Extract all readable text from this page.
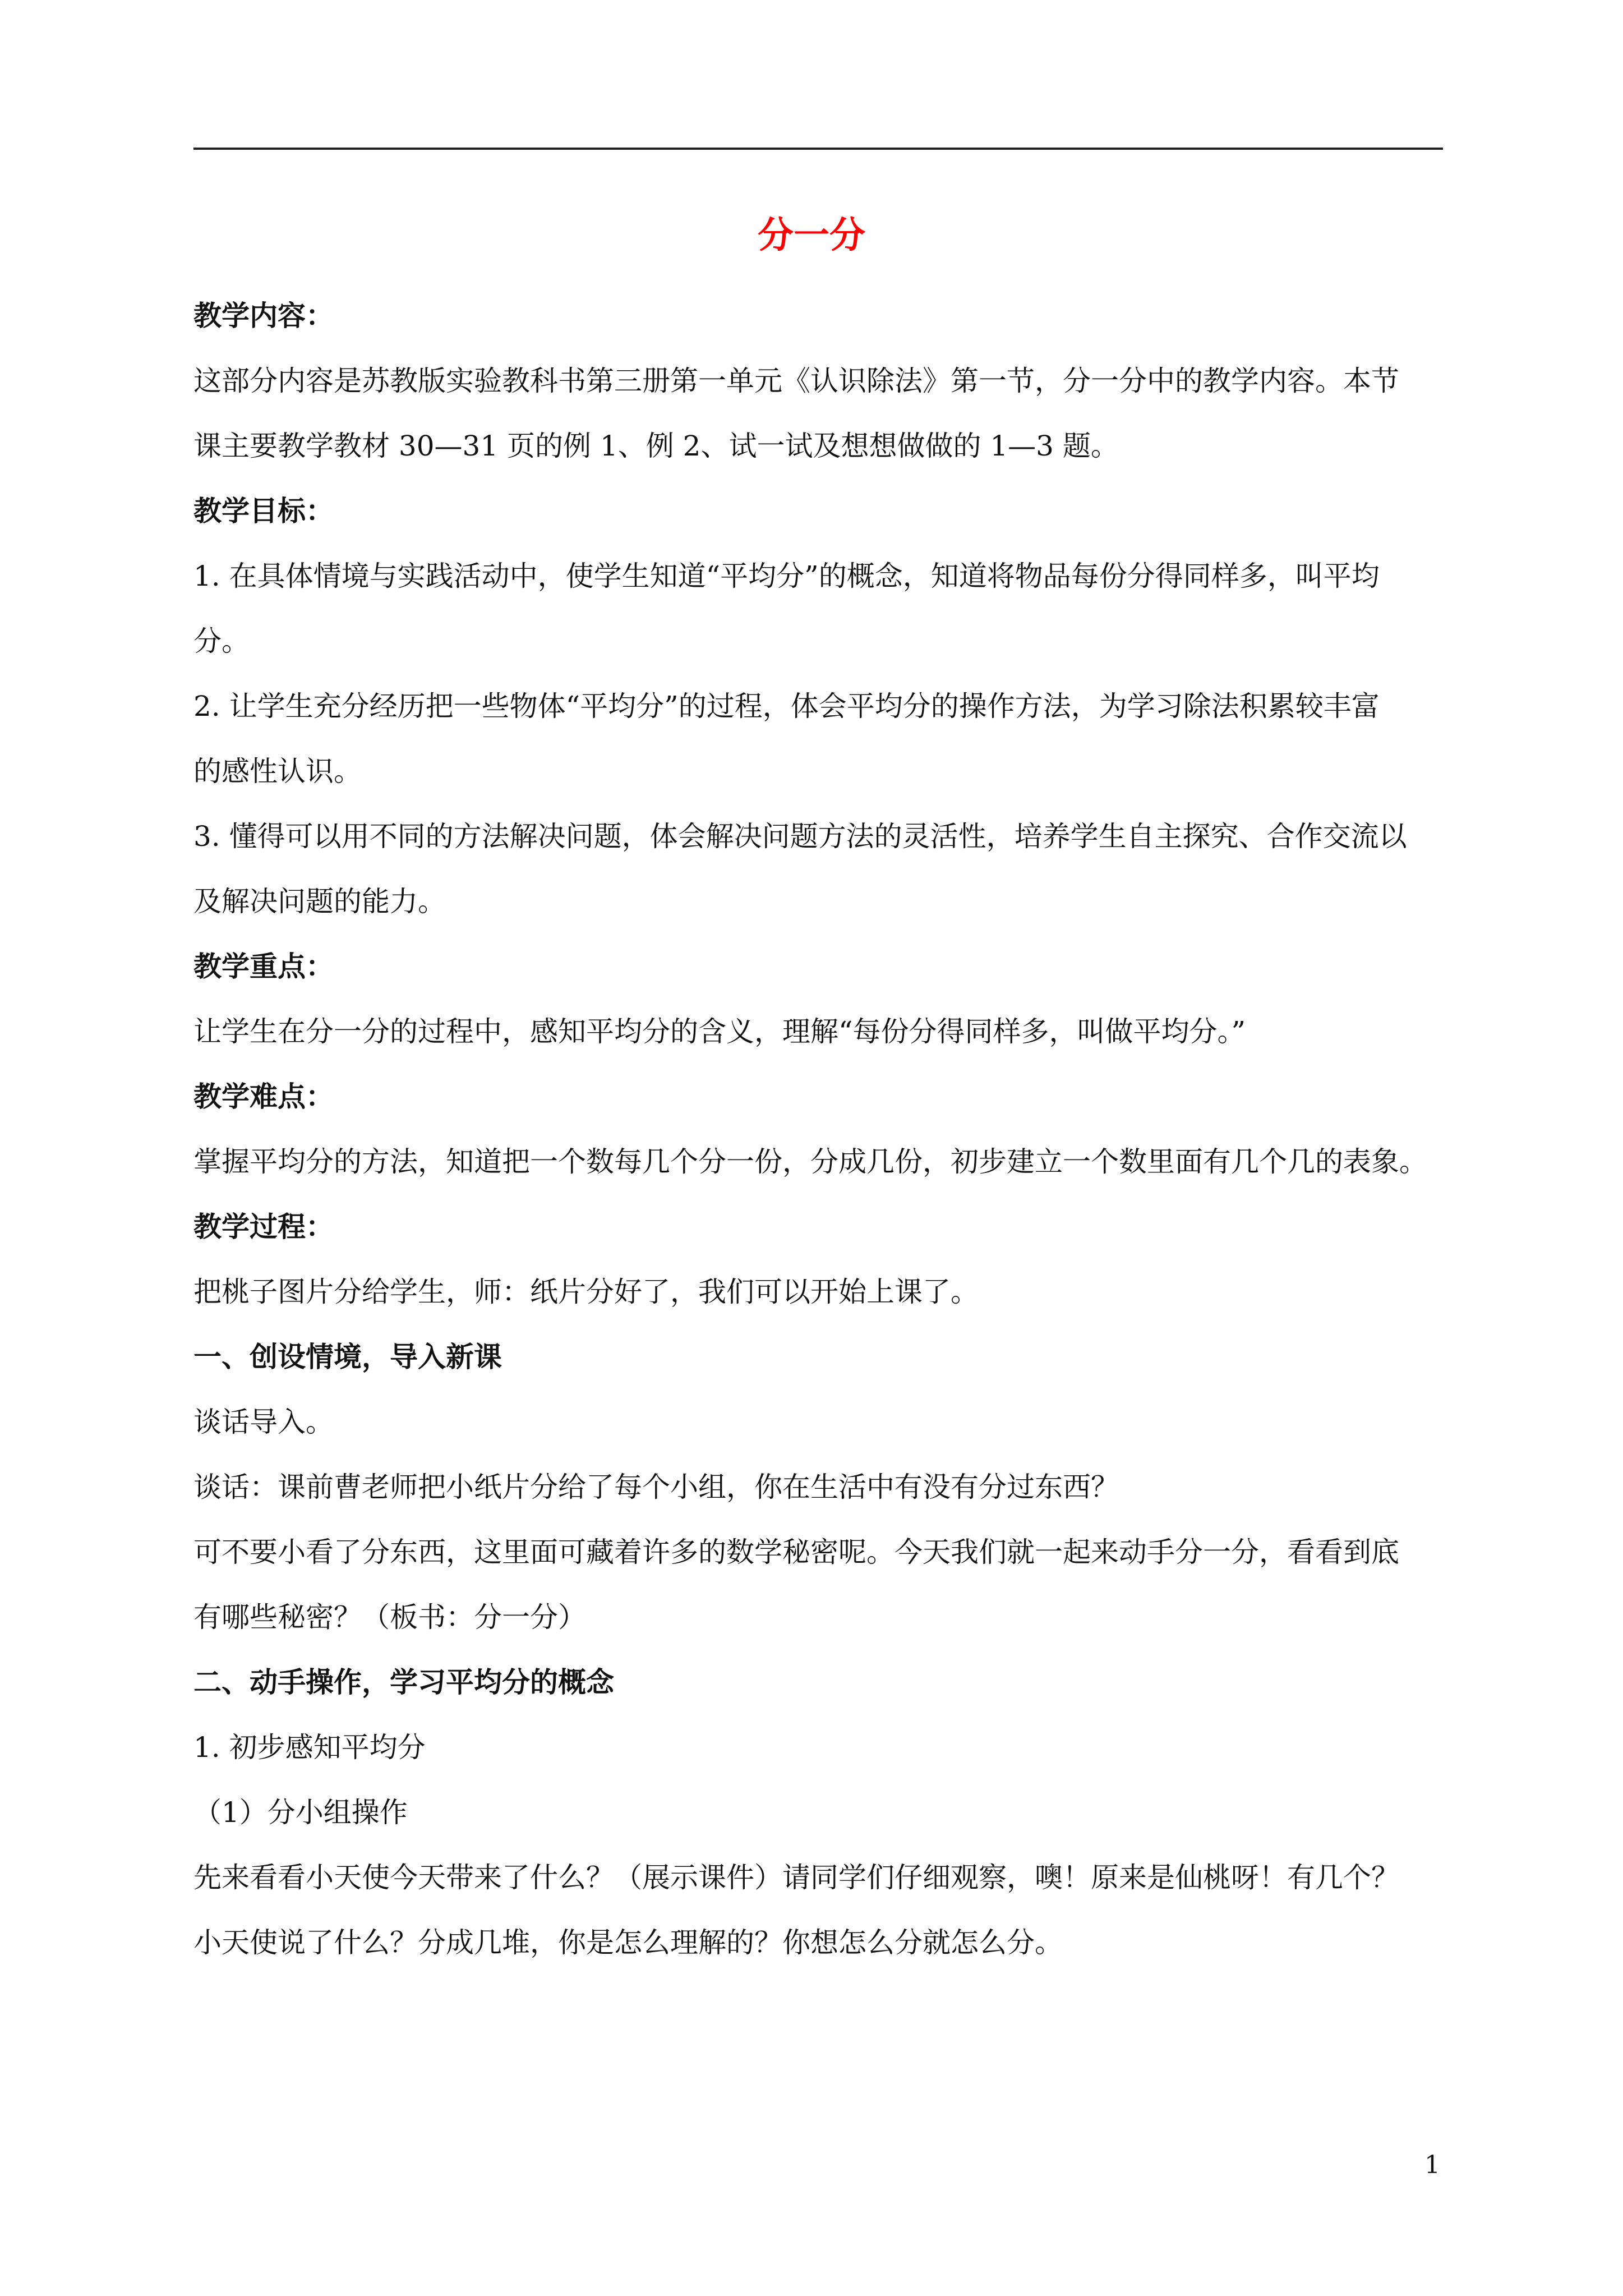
分一分
教学内容：
这部分内容是苏教版实验教科书第三册第一单元《认识除法》第一节，分一分中的教学内容。本节
课主要教学教材 30—31 页的例 1、例 2、试一试及想想做做的 1—3 题。
教学目标：
1. 在具体情境与实践活动中，使学生知道“平均分”的概念，知道将物品每份分得同样多，叫平均
分。
2. 让学生充分经历把一些物体“平均分”的过程，体会平均分的操作方法，为学习除法积累较丰富
的感性认识。
3. 懂得可以用不同的方法解决问题，体会解决问题方法的灵活性，培养学生自主探究、合作交流以
及解决问题的能力。
教学重点：
让学生在分一分的过程中，感知平均分的含义，理解“每份分得同样多，叫做平均分。”
教学难点：
掌握平均分的方法，知道把一个数每几个分一份，分成几份，初步建立一个数里面有几个几的表象。
教学过程：
把桃子图片分给学生，师：纸片分好了，我们可以开始上课了。
一、创设情境，导入新课
谈话导入。
谈话：课前曹老师把小纸片分给了每个小组，你在生活中有没有分过东西？
可不要小看了分东西，这里面可藏着许多的数学秘密呢。今天我们就一起来动手分一分，看看到底
有哪些秘密？（板书：分一分）
二、动手操作，学习平均分的概念
1. 初步感知平均分
（1）分小组操作
先来看看小天使今天带来了什么？（展示课件）请同学们仔细观察，噢！原来是仙桃呀！有几个？
小天使说了什么？分成几堆，你是怎么理解的？你想怎么分就怎么分。
1
